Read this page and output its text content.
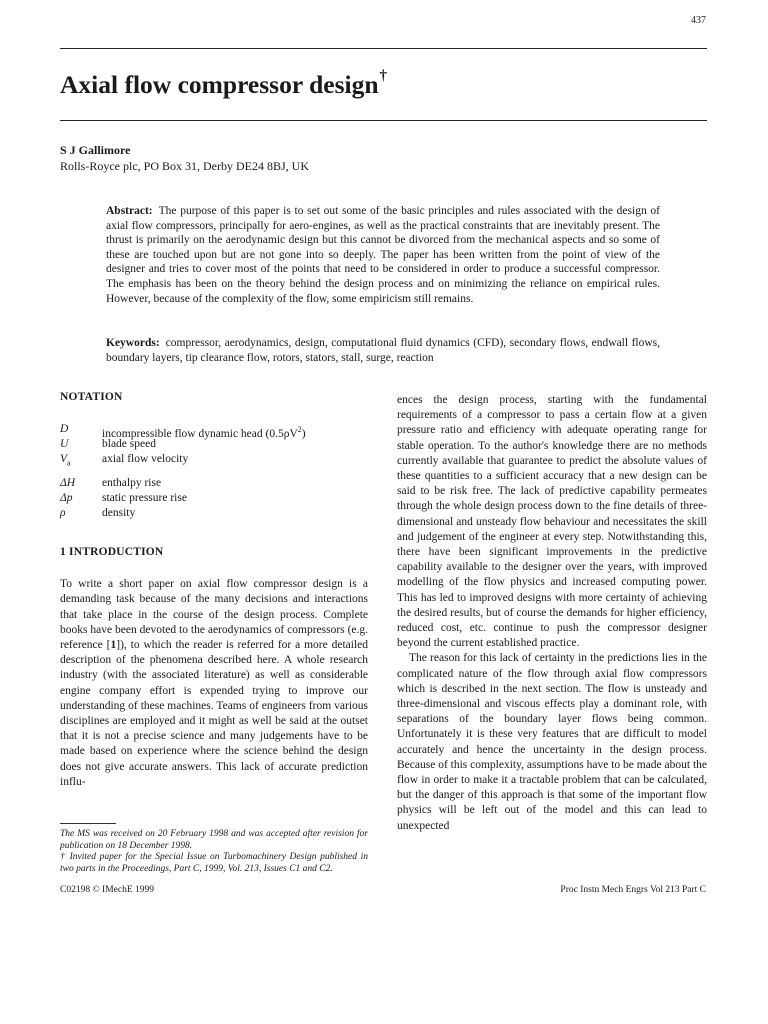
437
Axial flow compressor design†
S J Gallimore
Rolls-Royce plc, PO Box 31, Derby DE24 8BJ, UK

Abstract: The purpose of this paper is to set out some of the basic principles and rules associated with the design of axial flow compressors, principally for aero-engines, as well as the practical constraints that are inevitably present. The thrust is primarily on the aerodynamic design but this cannot be divorced from the mechanical aspects and so some of these are touched upon but are not gone into so deeply. The paper has been written from the point of view of the designer and tries to cover most of the points that need to be considered in order to produce a successful compressor. The emphasis has been on the theory behind the design process and on minimizing the reliance on empirical rules. However, because of the complexity of the flow, some empiricism still remains.

Keywords: compressor, aerodynamics, design, computational fluid dynamics (CFD), secondary flows, endwall flows, boundary layers, tip clearance flow, rotors, stators, stall, surge, reaction

NOTATION
D	incompressible flow dynamic head $(0.5\rho V^2)$
U	blade speed
$V_a$	axial flow velocity
ΔH	enthalpy rise
Δp	static pressure rise
ρ	density
1 INTRODUCTION

To write a short paper on axial flow compressor design is a demanding task because of the many decisions and interactions that take place in the course of the design process. Complete books have been devoted to the aerodynamics of compressors (e.g. reference [1]), to which the reader is referred for a more detailed description of the phenomena described here. A whole research industry (with the associated literature) as well as considerable engine company effort is expended trying to improve our understanding of these machines. Teams of engineers from various disciplines are employed and it might as well be said at the outset that it is not a precise science and many judgements have to be made based on experience where the science behind the design does not give accurate answers. This lack of accurate prediction influ-

ences the design process, starting with the fundamental requirements of a compressor to pass a certain flow at a given pressure ratio and efficiency with adequate operating range for stable operation. To the author's knowledge there are no methods currently available that guarantee to predict the absolute values of these quantities to a sufficient accuracy that a new design can be said to be risk free. The lack of predictive capability permeates through the whole design process down to the fine details of three-dimensional and unsteady flow behaviour and necessitates the skill and judgement of the engineer at every step. Notwithstanding this, there have been significant improvements in the predictive capability available to the designer over the years, with improved modelling of the flow physics and increased computing power. This has led to improved designs with more certainty of achieving the desired results, but of course the demands for higher efficiency, reduced cost, etc. continue to push the compressor designer beyond the current established practice.

The reason for this lack of certainty in the predictions lies in the complicated nature of the flow through axial flow compressors which is described in the next section. The flow is unsteady and three-dimensional and viscous effects play a dominant role, with separations of the boundary layer flows being common. Unfortunately it is these very features that are difficult to model accurately and hence the uncertainty in the design process. Because of this complexity, assumptions have to be made about the flow in order to make it a tractable problem that can be calculated, but the danger of this approach is that some of the important flow physics will be left out of the model and this can lead to unexpected

The MS was received on 20 February 1998 and was accepted after revision for publication on 18 December 1998.
† Invited paper for the Special Issue on Turbomachinery Design published in two parts in the Proceedings, Part C, 1999, Vol. 213, Issues C1 and C2.
C02198 © IMechE 1999	Proc Instn Mech Engrs Vol 213 Part C
